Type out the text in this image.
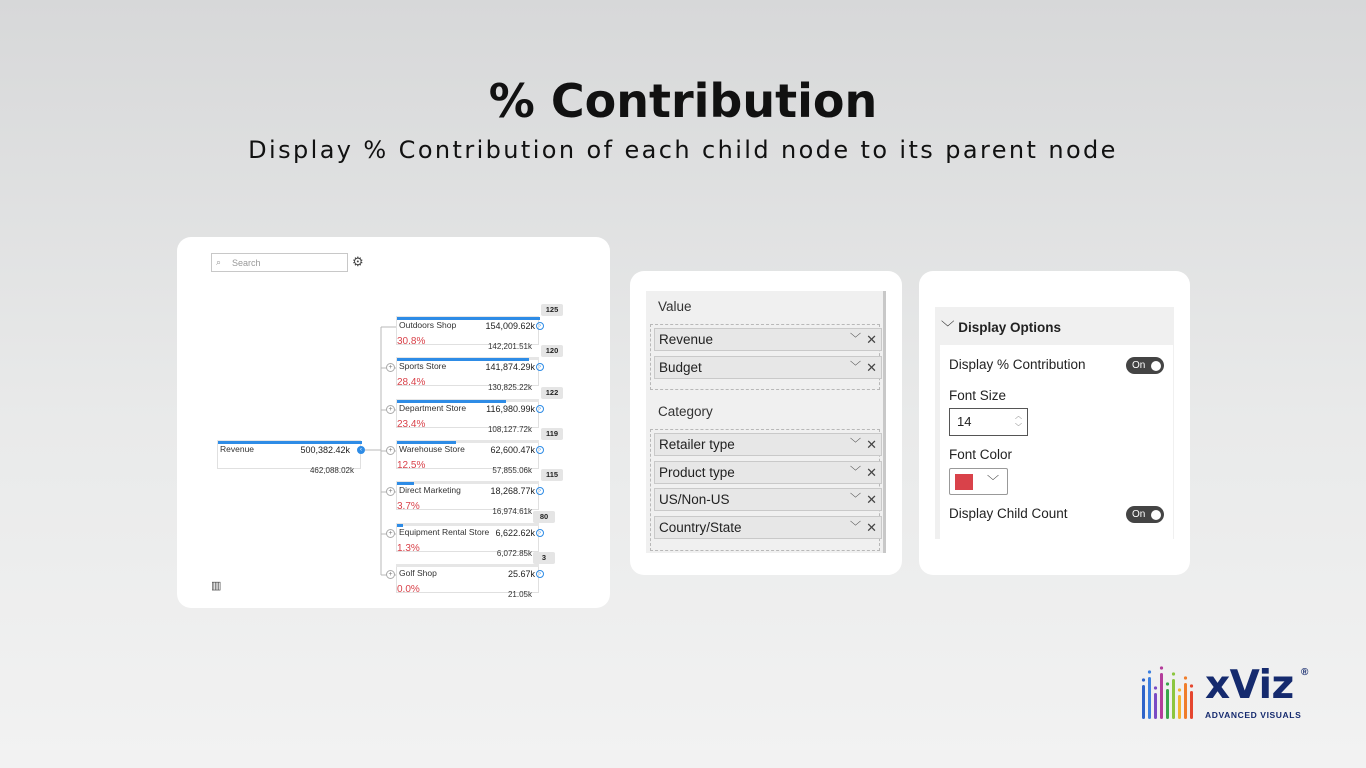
% Contribution
Display % Contribution of each child node to its parent node
⌕	Search	⚙
▥
Revenue	500,382.42k
462,088.02k
‹
Outdoors Shop	154,009.62k
30.8%	142,201.51k
›
125
Sports Store	141,874.29k
28.4%	130,825.22k
›
120
+
Department Store 116,980.99k
23.4%	108,127.72k
›
122
+
Warehouse Store	62,600.47k
12.5%	57,855.06k
›
119
+
Direct Marketing	18,268.77k
3.7%	16,974.61k
›
115
+
Equipment Rental Store 6,622.62k
1.3%	6,072.85k
›
80
+
Golf Shop	25.67k
0.0%	21.05k
›
3
+
Value
Revenue	﹀ ✕
Budget	﹀ ✕
Category
Retailer type	﹀ ✕
Product type	﹀ ✕
US/Non-US	﹀ ✕
Country/State	﹀ ✕
﹀ Display Options
Display % Contribution	On
Font Size
14	︿
﹀
Font Color
﹀
Display Child Count	On
xViz ®
ADVANCED VISUALS
